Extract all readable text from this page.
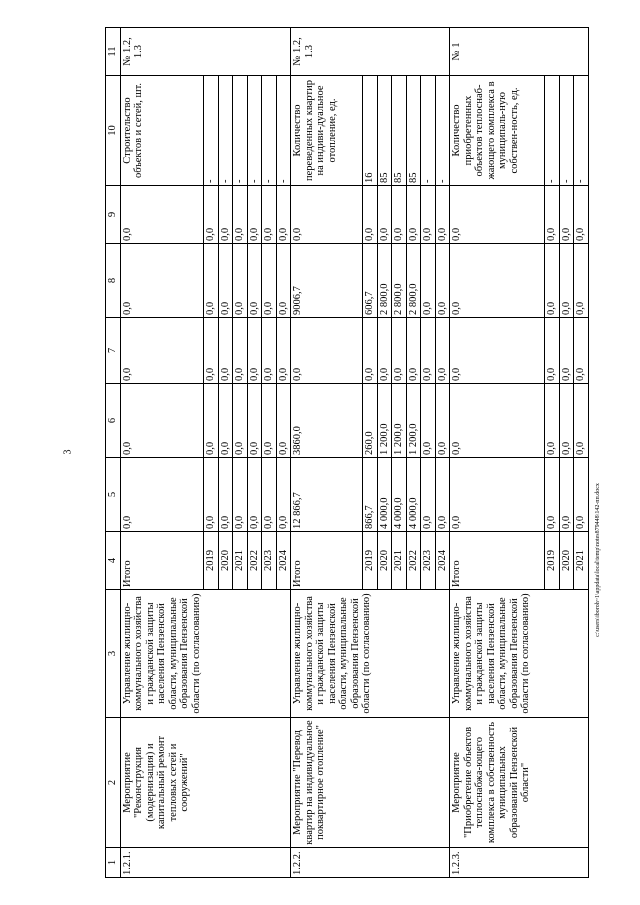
3
c:\users\iboroh~1\appdata\local\temp\notes879448\142-пп.docx
1	2	3	4	5	6	7	8	9	10	11
1.2.1.	Мероприятие "Реконструкция (модернизация) и капитальный ремонт тепловых сетей и сооружений"	Управление жилищно-коммунального хозяйства и гражданской защиты населения Пензенской области, муниципальные образования Пензенской области (по согласованию)	Итого	0,0	0,0	0,0	0,0	0,0	Строительство объектов и сетей, шт.	№ 1.2, 1.3
			2019	0,0	0,0	0,0	0,0	0,0	-	
			2020	0,0	0,0	0,0	0,0	0,0	-	
			2021	0,0	0,0	0,0	0,0	0,0	-	
			2022	0,0	0,0	0,0	0,0	0,0	-	
			2023	0,0	0,0	0,0	0,0	0,0	-	
			2024	0,0	0,0	0,0	0,0	0,0	-	
1.2.2.	Мероприятие "Перевод квартир на индивидуальное поквартирное отопление"	Управление жилищно-коммунального хозяйства и гражданской защиты населения Пензенской области, муниципальные образования Пензенской области (по согласованию)	Итого	12 866,7	3860,0	0,0	9006,7	0,0	Количество переведенных квартир на индиви-дуальное отопление, ед.	№ 1.2, 1.3
			2019	866,7	260,0	0,0	606,7	0,0	16	
			2020	4 000,0	1 200,0	0,0	2 800,0	0,0	85	
			2021	4 000,0	1 200,0	0,0	2 800,0	0,0	85	
			2022	4 000,0	1 200,0	0,0	2 800,0	0,0	85	
			2023	0,0	0,0	0,0	0,0	0,0	-	
			2024	0,0	0,0	0,0	0,0	0,0	-	
1.2.3.	Мероприятие "Приобретение объектов теплоснабжа-ющего комплекса в собственность муниципальных образований Пензенской области"	Управление жилищно-коммунального хозяйства и гражданской защиты населения Пензенской области, муниципальные образования Пензенской области (по согласованию)	Итого	0,0	0,0	0,0	0,0	0,0	Количество приобретенных объектов теплоснаб-жающего комплекса в муниципаль-ную собствен-ность, ед.	№ 1
			2019	0,0	0,0	0,0	0,0	0,0	-	
			2020	0,0	0,0	0,0	0,0	0,0	-	
			2021	0,0	0,0	0,0	0,0	0,0	-	
